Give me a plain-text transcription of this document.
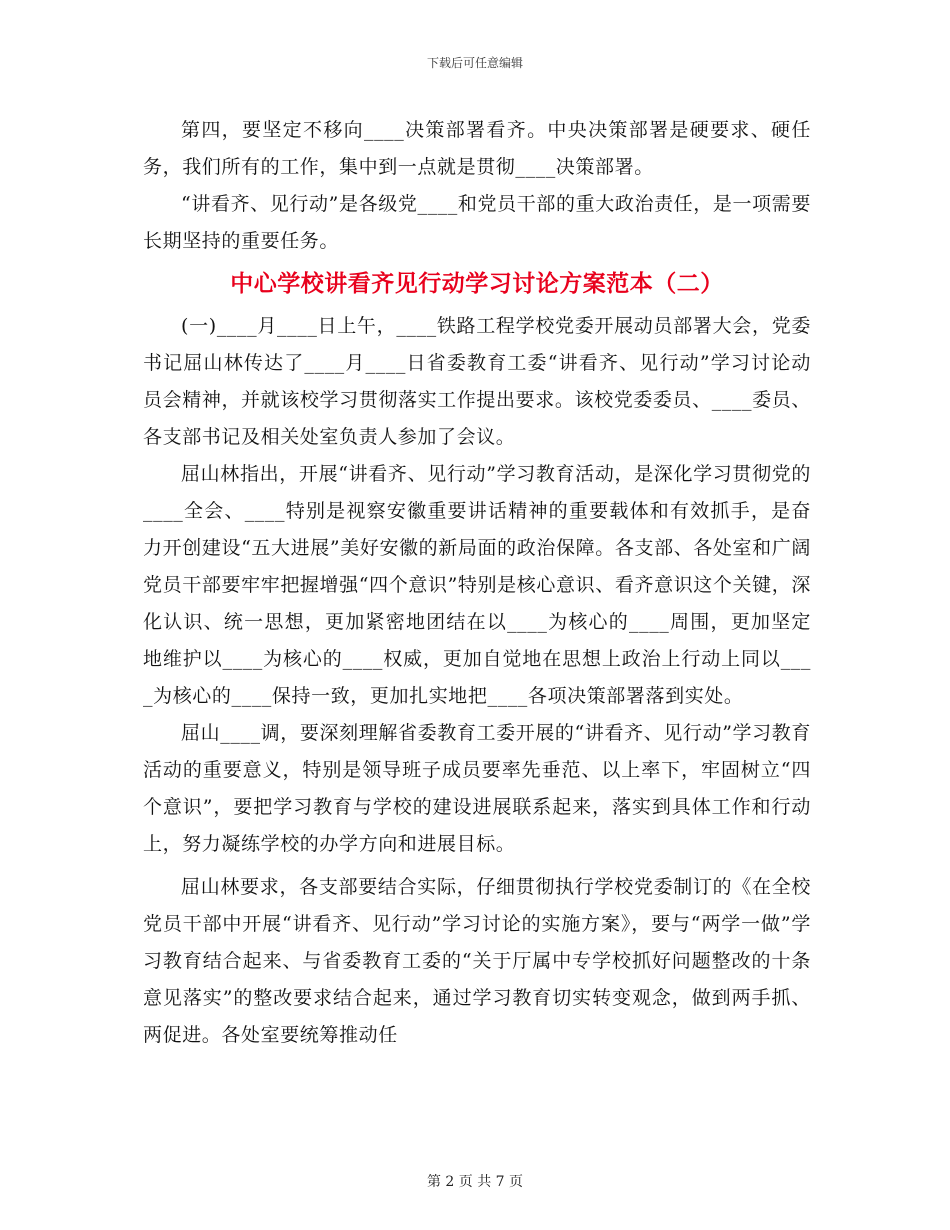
下载后可任意编辑

第四，要坚定不移向____决策部署看齐。中央决策部署是硬要求、硬任务，我们所有的工作，集中到一点就是贯彻____决策部署。

“讲看齐、见行动”是各级党____和党员干部的重大政治责任，是一项需要长期坚持的重要任务。

中心学校讲看齐见行动学习讨论方案范本（二）

(一)____月____日上午，____铁路工程学校党委开展动员部署大会，党委书记屈山林传达了____月____日省委教育工委“讲看齐、见行动”学习讨论动员会精神，并就该校学习贯彻落实工作提出要求。该校党委委员、____委员、各支部书记及相关处室负责人参加了会议。

屈山林指出，开展“讲看齐、见行动”学习教育活动，是深化学习贯彻党的____全会、____特别是视察安徽重要讲话精神的重要载体和有效抓手，是奋力开创建设“五大进展”美好安徽的新局面的政治保障。各支部、各处室和广阔党员干部要牢牢把握增强“四个意识”特别是核心意识、看齐意识这个关键，深化认识、统一思想，更加紧密地团结在以____为核心的____周围，更加坚定地维护以____为核心的____权威，更加自觉地在思想上政治上行动上同以____为核心的____保持一致，更加扎实地把____各项决策部署落到实处。

屈山____调，要深刻理解省委教育工委开展的“讲看齐、见行动”学习教育活动的重要意义，特别是领导班子成员要率先垂范、以上率下，牢固树立“四个意识”，要把学习教育与学校的建设进展联系起来，落实到具体工作和行动上，努力凝练学校的办学方向和进展目标。

屈山林要求，各支部要结合实际，仔细贯彻执行学校党委制订的《在全校党员干部中开展“讲看齐、见行动”学习讨论的实施方案》，要与“两学一做”学习教育结合起来、与省委教育工委的“关于厅属中专学校抓好问题整改的十条意见落实”的整改要求结合起来，通过学习教育切实转变观念，做到两手抓、两促进。各处室要统筹推动任

第 2 页 共 7 页
